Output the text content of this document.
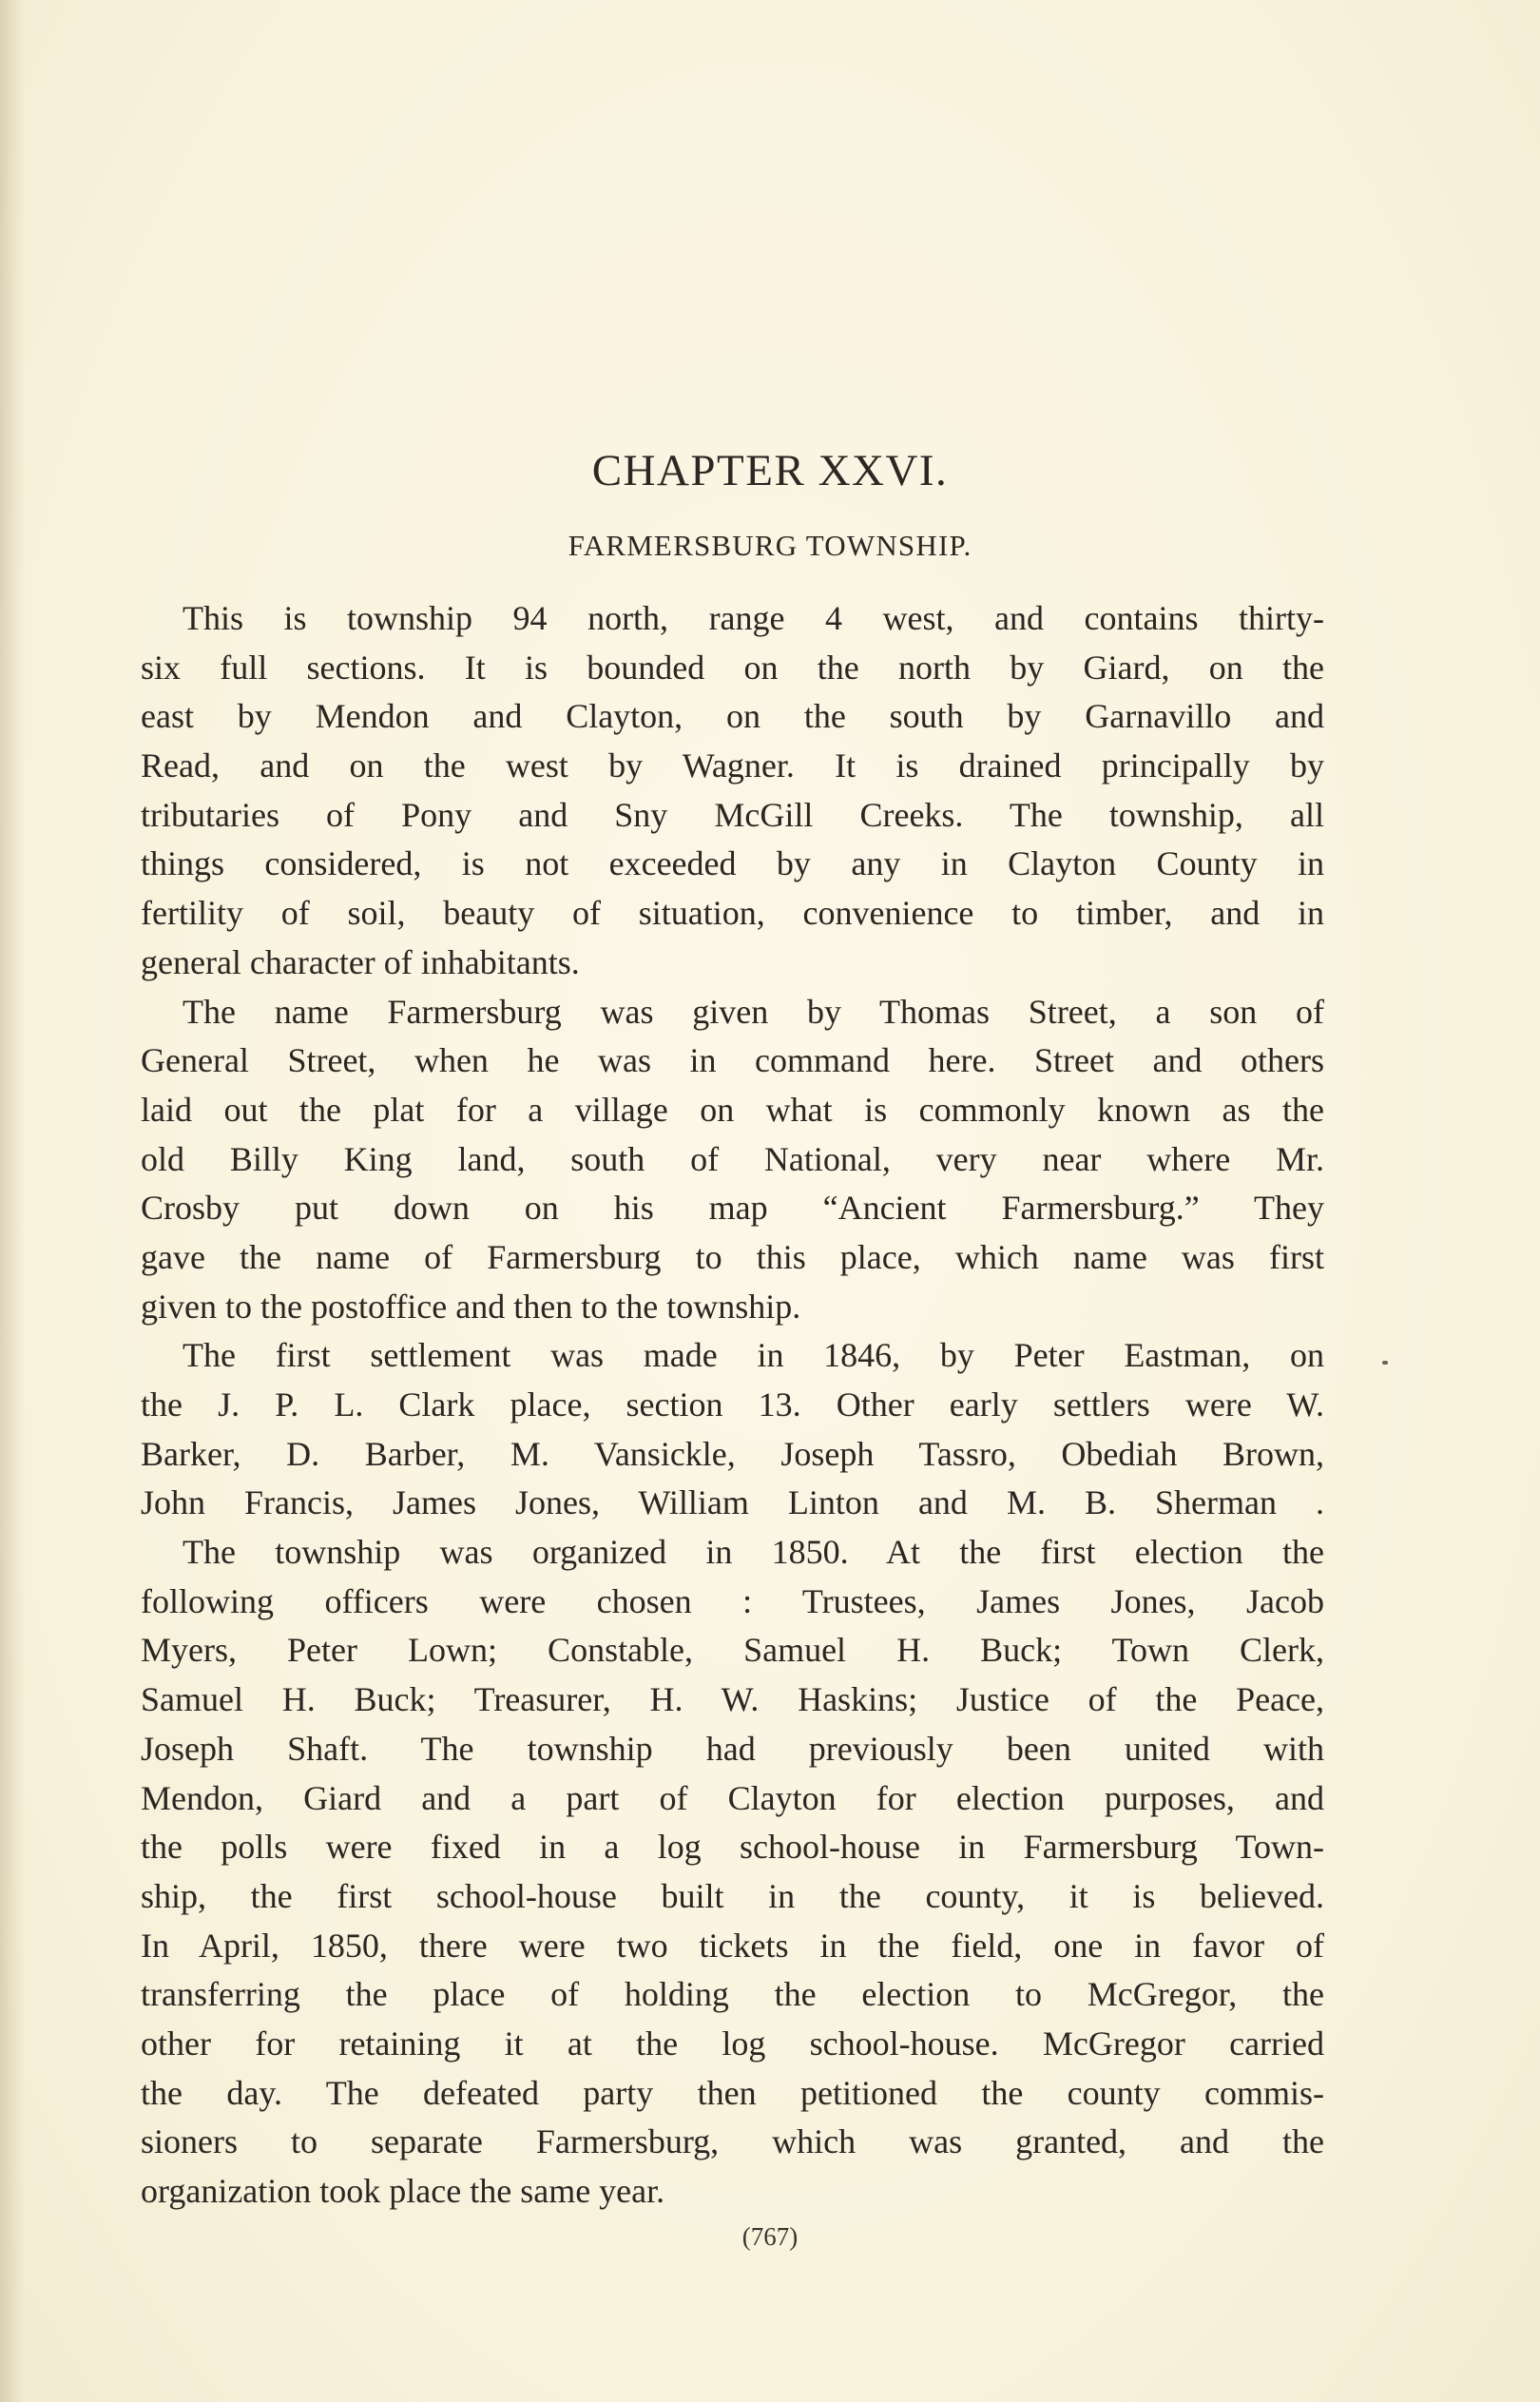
CHAPTER XXVI.
FARMERSBURG TOWNSHIP.
This is township 94 north, range 4 west, and contains thirty-
six full sections. It is bounded on the north by Giard, on the
east by Mendon and Clayton, on the south by Garnavillo and
Read, and on the west by Wagner. It is drained principally by
tributaries of Pony and Sny McGill Creeks. The township, all
things considered, is not exceeded by any in Clayton County in
fertility of soil, beauty of situation, convenience to timber, and in
general character of inhabitants.
The name Farmersburg was given by Thomas Street, a son of
General Street, when he was in command here. Street and others
laid out the plat for a village on what is commonly known as the
old Billy King land, south of National, very near where Mr.
Crosby put down on his map “Ancient Farmersburg.” They
gave the name of Farmersburg to this place, which name was first
given to the postoffice and then to the township.
The first settlement was made in 1846, by Peter Eastman, on
the J. P. L. Clark place, section 13. Other early settlers were W.
Barker, D. Barber, M. Vansickle, Joseph Tassro, Obediah Brown,
John Francis, James Jones, William Linton and M. B. Sherman .
The township was organized in 1850. At the first election the
following officers were chosen : Trustees, James Jones, Jacob
Myers, Peter Lown; Constable, Samuel H. Buck; Town Clerk,
Samuel H. Buck; Treasurer, H. W. Haskins; Justice of the Peace,
Joseph Shaft. The township had previously been united with
Mendon, Giard and a part of Clayton for election purposes, and
the polls were fixed in a log school-house in Farmersburg Town-
ship, the first school-house built in the county, it is believed.
In April, 1850, there were two tickets in the field, one in favor of
transferring the place of holding the election to McGregor, the
other for retaining it at the log school-house. McGregor carried
the day. The defeated party then petitioned the county commis-
sioners to separate Farmersburg, which was granted, and the
organization took place the same year.
(767)
